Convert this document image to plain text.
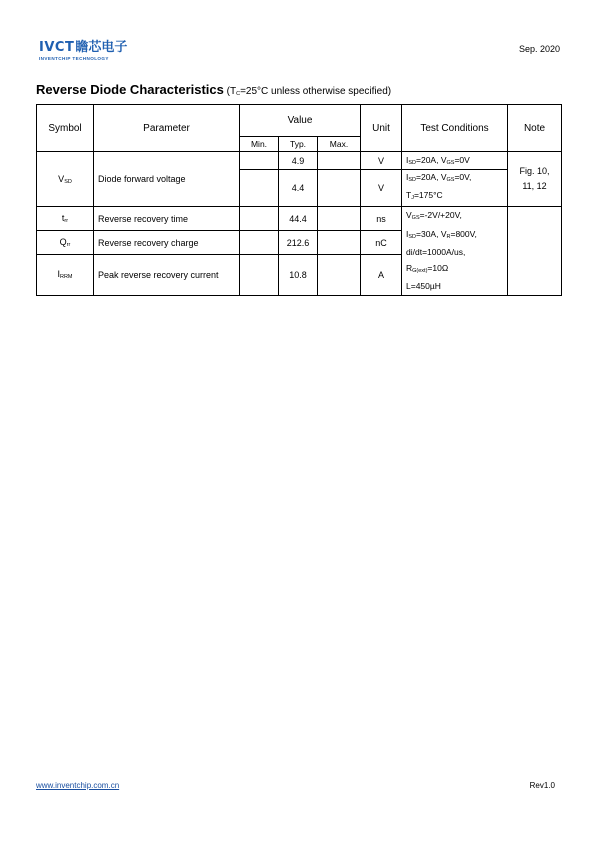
IVCT瞻芯电子
INVENTCHIP TECHNOLOGY
Sep. 2020
Reverse Diode Characteristics ($T_C=25^\circ C$ unless otherwise specified)
Symbol	Parameter	Value			Unit	Test Conditions	Note
		Min.	Typ.	Max.			
$V_{SD}$	Diode forward voltage		4.9		V	$I_{SD}=20A$, $V_{GS}=0V$	Fig. 10,
11, 12

			4.4		V	$I_{SD}=20A$, $V_{GS}=0V$,
$T_J=175^\circ C$	

$t_{rr}$	Reverse recovery time		44.4		ns	$V_{GS}=-2V/+20V$,
$I_{SD}=30A$, $V_R=800V$,
di/dt=1000A/us,
$R_{G(ext)}=10\Omega$
L=450µH	

$Q_{rr}$	Reverse recovery charge		212.6		nC		
$I_{RRM}$	Peak reverse recovery current		10.8		A		
www.inventchip.com.cn	Rev1.0
